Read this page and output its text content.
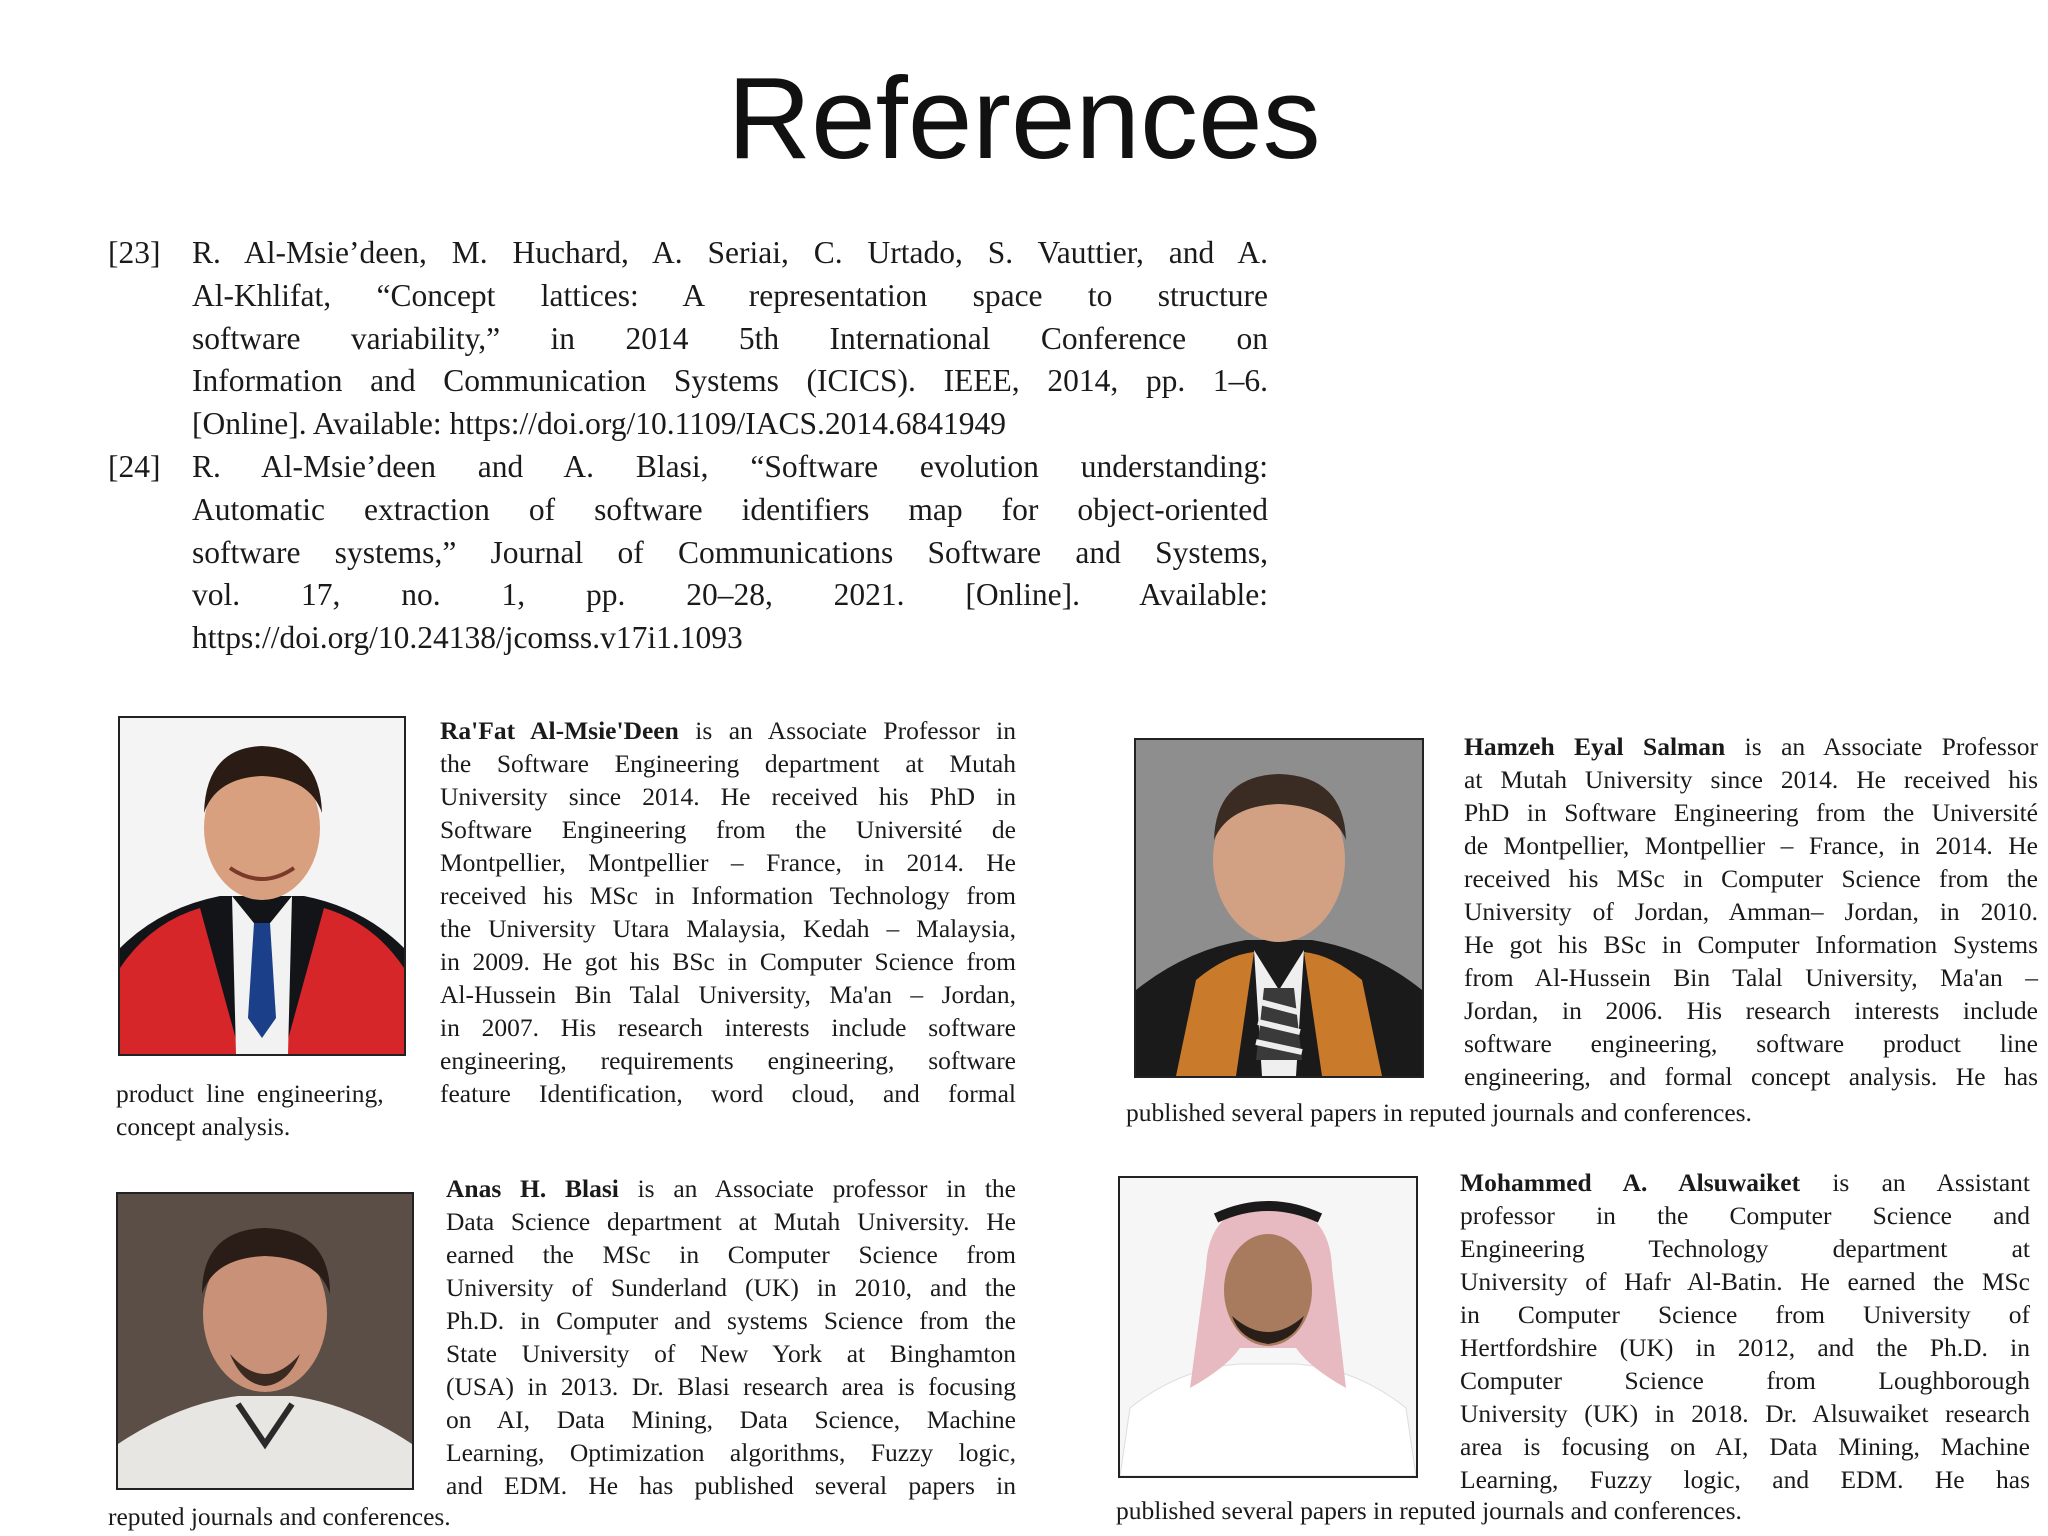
References
[23] R. Al-Msie’deen, M. Huchard, A. Seriai, C. Urtado, S. Vauttier, and A.
Al-Khlifat, “Concept lattices: A representation space to structure
software variability,” in 2014 5th International Conference on
Information and Communication Systems (ICICS). IEEE, 2014, pp. 1–6.
[Online]. Available: https://doi.org/10.1109/IACS.2014.6841949
[24] R. Al-Msie’deen and A. Blasi, “Software evolution understanding:
Automatic extraction of software identifiers map for object-oriented
software systems,” Journal of Communications Software and Systems,
vol. 17, no. 1, pp. 20–28, 2021. [Online]. Available:
https://doi.org/10.24138/jcomss.v17i1.1093
Ra'Fat Al-Msie'Deen is an Associate Professor in
the Software Engineering department at Mutah
University since 2014. He received his PhD in
Software Engineering from the Université de
Montpellier, Montpellier – France, in 2014. He
received his MSc in Information Technology from
the University Utara Malaysia, Kedah – Malaysia,
in 2009. He got his BSc in Computer Science from
Al-Hussein Bin Talal University, Ma'an – Jordan,
in 2007. His research interests include software
engineering, requirements engineering, software
feature Identification, word cloud, and formal
product line engineering,
concept analysis.
Hamzeh Eyal Salman is an Associate Professor
at Mutah University since 2014. He received his
PhD in Software Engineering from the Université
de Montpellier, Montpellier – France, in 2014. He
received his MSc in Computer Science from the
University of Jordan, Amman– Jordan, in 2010.
He got his BSc in Computer Information Systems
from Al-Hussein Bin Talal University, Ma'an –
Jordan, in 2006. His research interests include
software engineering, software product line
engineering, and formal concept analysis. He has
published several papers in reputed journals and conferences.
Anas H. Blasi is an Associate professor in the
Data Science department at Mutah University. He
earned the MSc in Computer Science from
University of Sunderland (UK) in 2010, and the
Ph.D. in Computer and systems Science from the
State University of New York at Binghamton
(USA) in 2013. Dr. Blasi research area is focusing
on AI, Data Mining, Data Science, Machine
Learning, Optimization algorithms, Fuzzy logic,
and EDM. He has published several papers in
reputed journals and conferences.
Mohammed A. Alsuwaiket is an Assistant
professor in the Computer Science and
Engineering Technology department at
University of Hafr Al-Batin. He earned the MSc
in Computer Science from University of
Hertfordshire (UK) in 2012, and the Ph.D. in
Computer Science from Loughborough
University (UK) in 2018. Dr. Alsuwaiket research
area is focusing on AI, Data Mining, Machine
Learning, Fuzzy logic, and EDM. He has
published several papers in reputed journals and conferences.
